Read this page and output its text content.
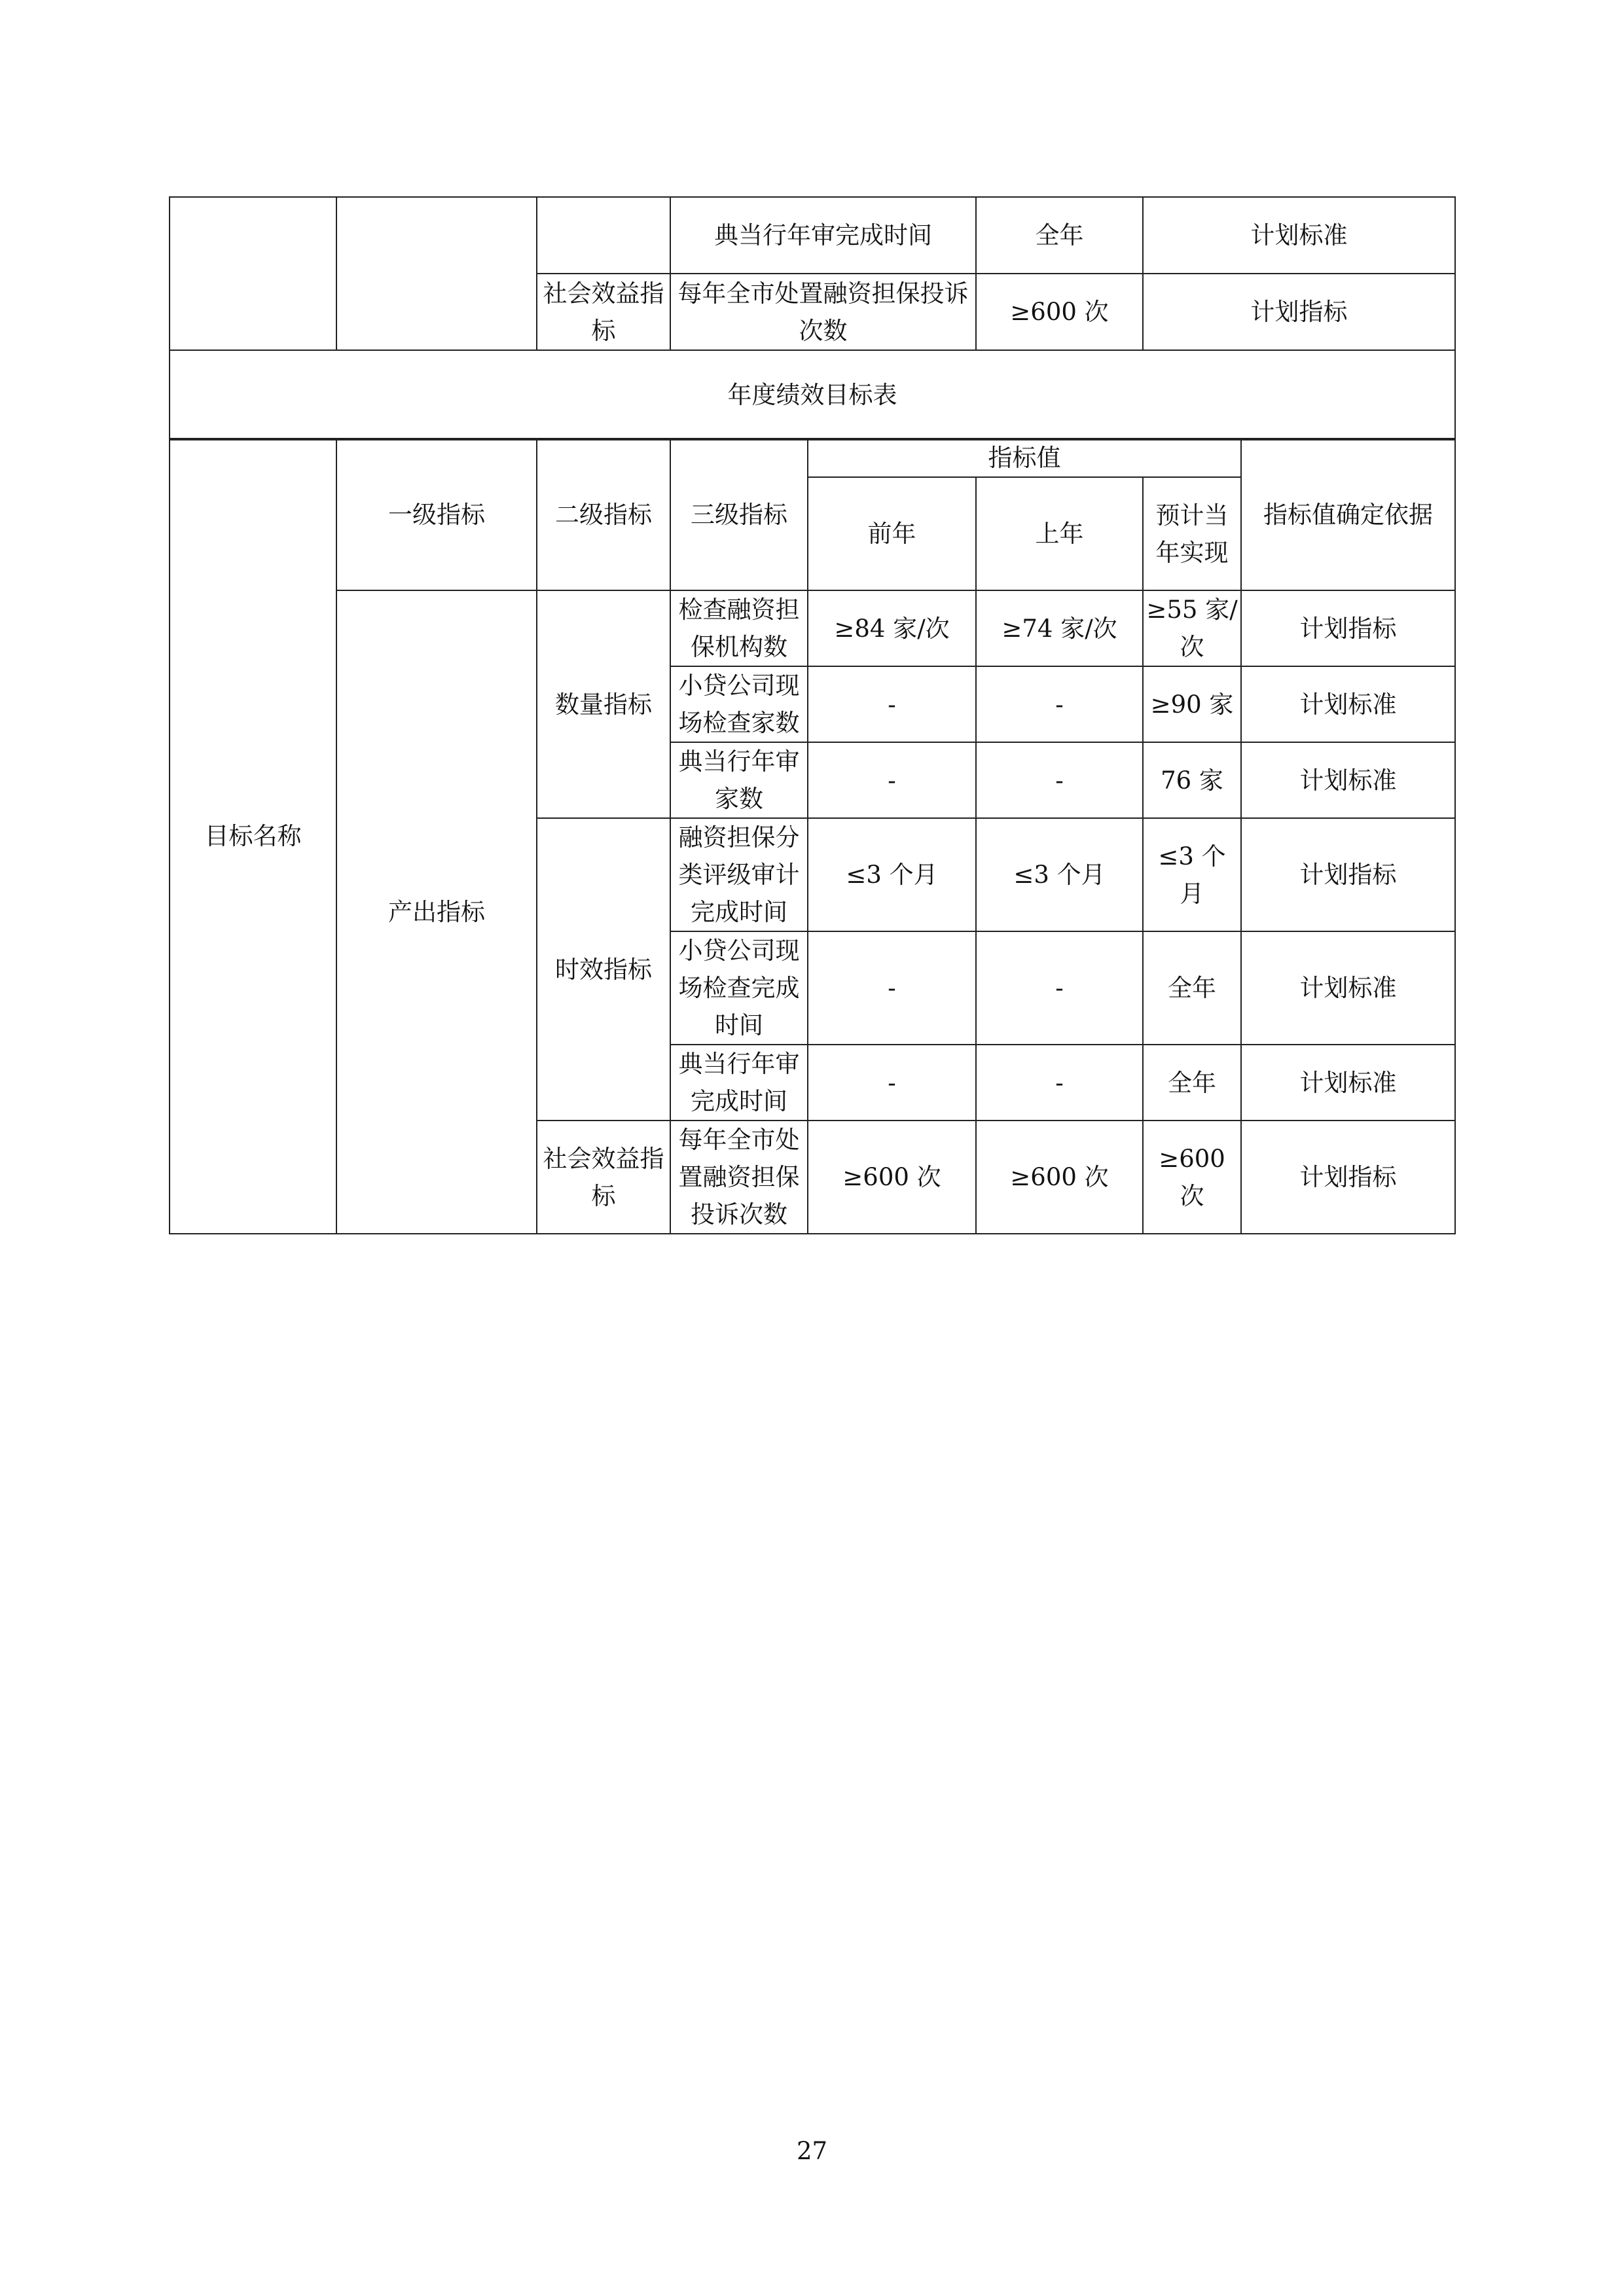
			典当行年审完成时间	全年	计划标准
		社会效益指标	每年全市处置融资担保投诉次数	≥600 次	计划指标
年度绩效目标表					
目标名称	一级指标	二级指标	三级指标	指标值			指标值确定依据
				前年	上年	预计当年实现	
	产出指标	数量指标	检查融资担保机构数	≥84 家/次	≥74 家/次	≥55 家/次	计划指标
			小贷公司现场检查家数	-	-	≥90 家	计划标准
			典当行年审家数	-	-	76 家	计划标准
		时效指标	融资担保分类评级审计完成时间	≤3 个月	≤3 个月	≤3 个月	计划指标
			小贷公司现场检查完成时间	-	-	全年	计划标准
			典当行年审完成时间	-	-	全年	计划标准
		社会效益指标	每年全市处置融资担保投诉次数	≥600 次	≥600 次	≥600 次	计划指标
27
